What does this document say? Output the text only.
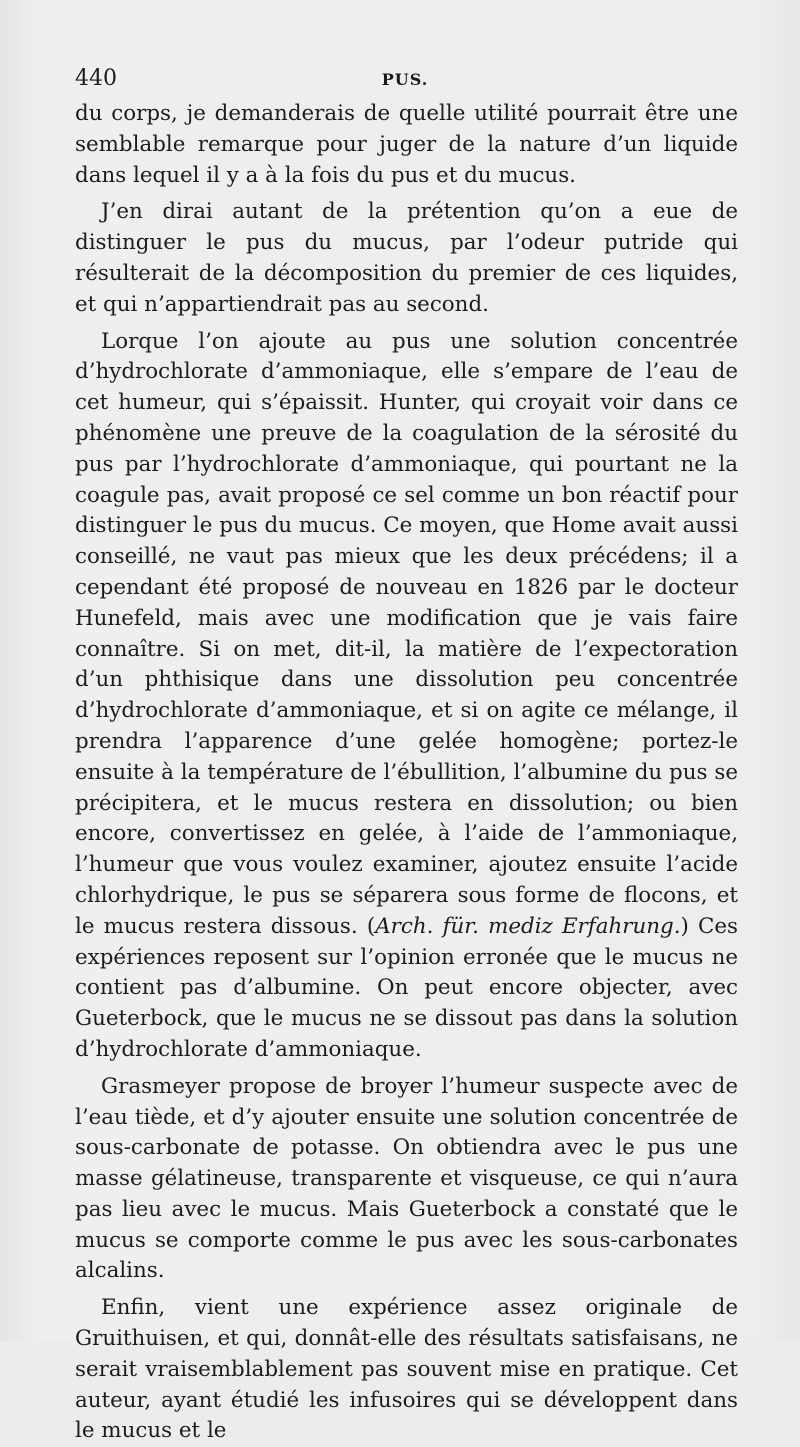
440	PUS.

du corps, je demanderais de quelle utilité pourrait être une semblable remarque pour juger de la nature d’un liquide dans lequel il y a à la fois du pus et du mucus.

J’en dirai autant de la prétention qu’on a eue de distinguer le pus du mucus, par l’odeur putride qui résulterait de la décomposition du premier de ces liquides, et qui n’appartiendrait pas au second.

Lorque l’on ajoute au pus une solution concentrée d’hydrochlorate d’ammoniaque, elle s’empare de l’eau de cet humeur, qui s’épaissit. Hunter, qui croyait voir dans ce phénomène une preuve de la coagulation de la sérosité du pus par l’hydrochlorate d’ammoniaque, qui pourtant ne la coagule pas, avait proposé ce sel comme un bon réactif pour distinguer le pus du mucus. Ce moyen, que Home avait aussi conseillé, ne vaut pas mieux que les deux précédens; il a cependant été proposé de nouveau en 1826 par le docteur Hunefeld, mais avec une modification que je vais faire connaître. Si on met, dit-il, la matière de l’expectoration d’un phthisique dans une dissolution peu concentrée d’hydrochlorate d’ammoniaque, et si on agite ce mélange, il prendra l’apparence d’une gelée homogène; portez-le ensuite à la température de l’ébullition, l’albumine du pus se précipitera, et le mucus restera en dissolution; ou bien encore, convertissez en gelée, à l’aide de l’ammoniaque, l’humeur que vous voulez examiner, ajoutez ensuite l’acide chlorhydrique, le pus se séparera sous forme de flocons, et le mucus restera dissous. (Arch. für. mediz Erfahrung.) Ces expériences reposent sur l’opinion erronée que le mucus ne contient pas d’albumine. On peut encore objecter, avec Gueterbock, que le mucus ne se dissout pas dans la solution d’hydrochlorate d’ammoniaque.

Grasmeyer propose de broyer l’humeur suspecte avec de l’eau tiède, et d’y ajouter ensuite une solution concentrée de sous-carbonate de potasse. On obtiendra avec le pus une masse gélatineuse, transparente et visqueuse, ce qui n’aura pas lieu avec le mucus. Mais Gueterbock a constaté que le mucus se comporte comme le pus avec les sous-carbonates alcalins.

Enfin, vient une expérience assez originale de Gruithuisen, et qui, donnât-elle des résultats satisfaisans, ne serait vraisemblablement pas souvent mise en pratique. Cet auteur, ayant étudié les infusoires qui se développent dans le mucus et le
